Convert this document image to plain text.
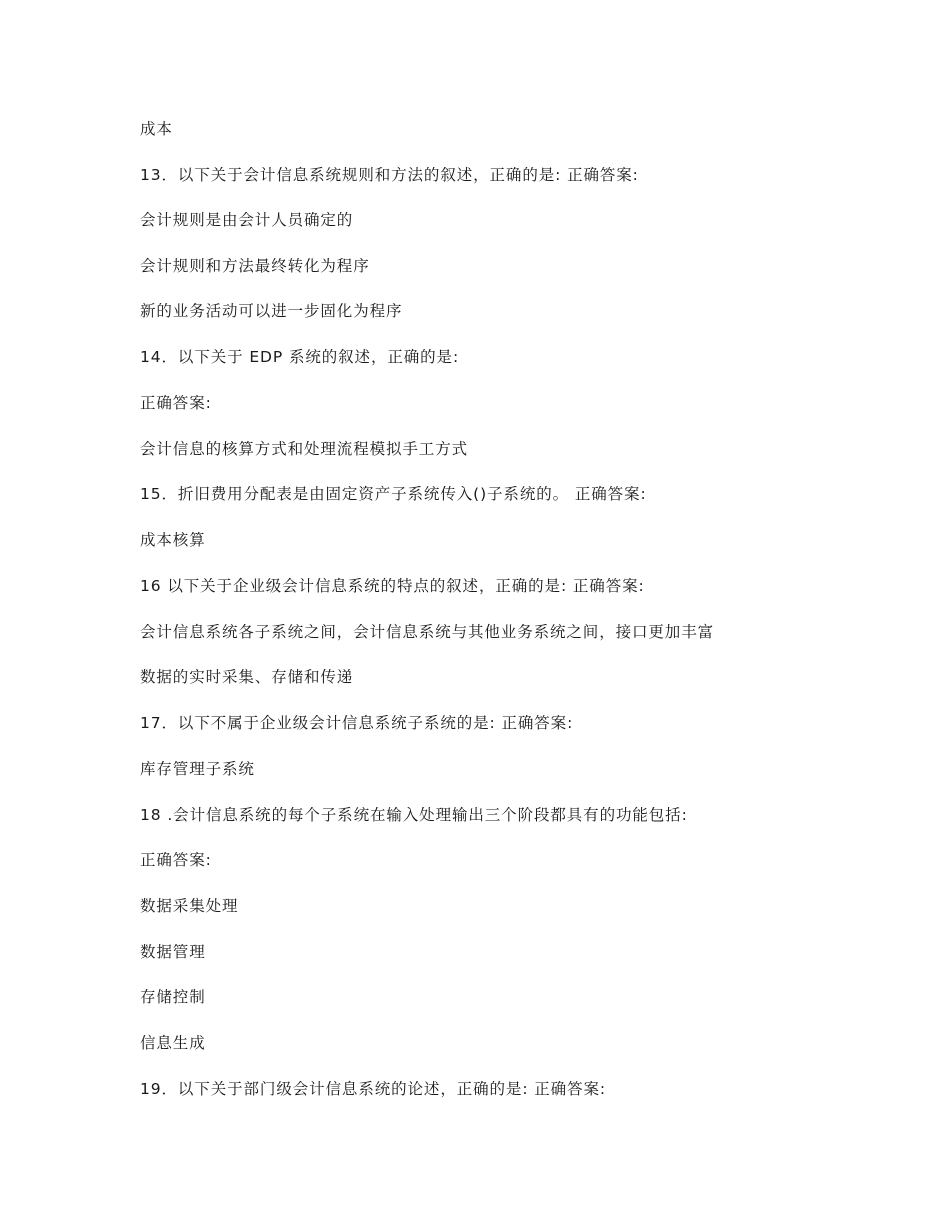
成本
13．以下关于会计信息系统规则和方法的叙述，正确的是: 正确答案:
会计规则是由会计人员确定的
会计规则和方法最终转化为程序
新的业务活动可以进一步固化为程序
14．以下关于 EDP 系统的叙述，正确的是:
正确答案:
会计信息的核算方式和处理流程模拟手工方式
15．折旧费用分配表是由固定资产子系统传入()子系统的。 正确答案:
成本核算
16 以下关于企业级会计信息系统的特点的叙述，正确的是: 正确答案:
会计信息系统各子系统之间，会计信息系统与其他业务系统之间，接口更加丰富
数据的实时采集、存储和传递
17．以下不属于企业级会计信息系统子系统的是: 正确答案:
库存管理子系统
18 .会计信息系统的每个子系统在输入处理输出三个阶段都具有的功能包括:
正确答案:
数据采集处理
数据管理
存储控制
信息生成
19．以下关于部门级会计信息系统的论述，正确的是: 正确答案:
